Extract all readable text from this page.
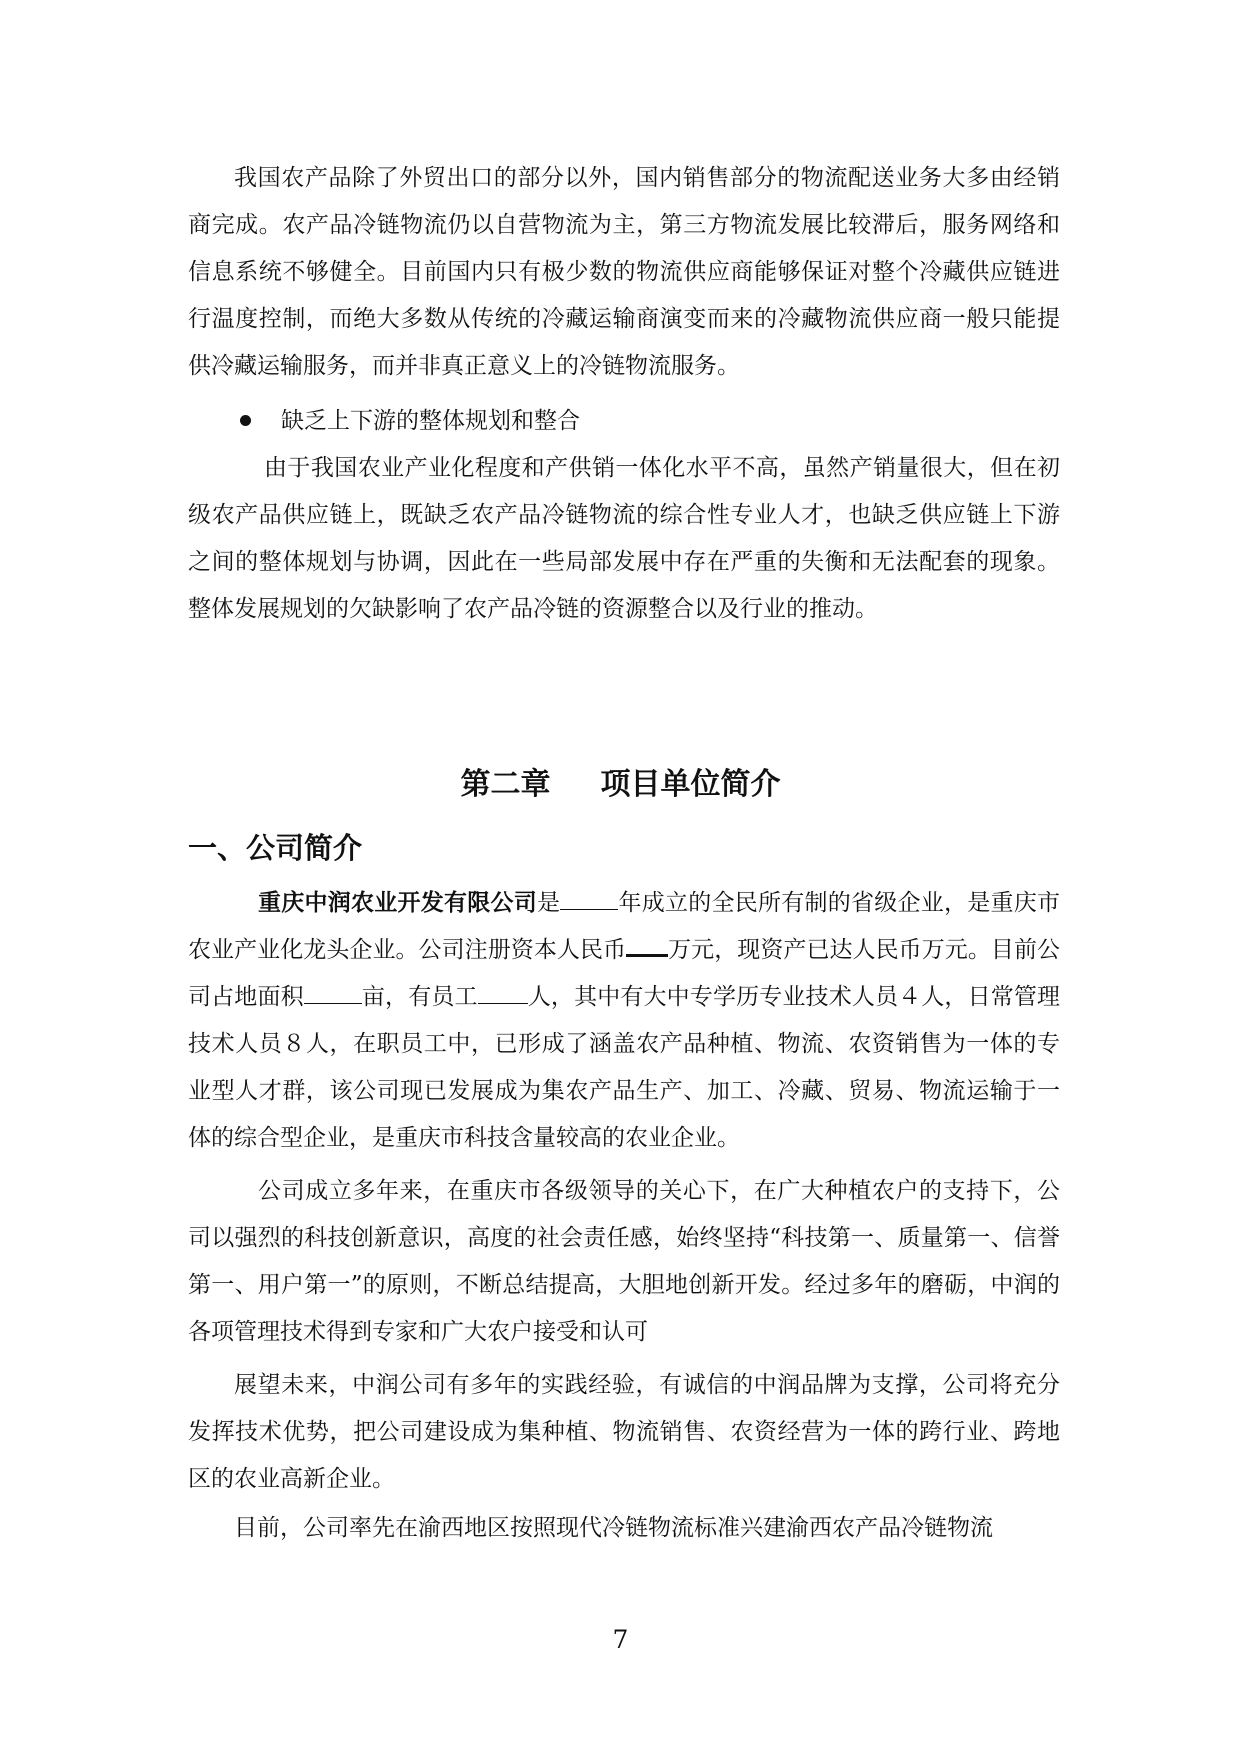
我国农产品除了外贸出口的部分以外，国内销售部分的物流配送业务大多由经销商完成。农产品冷链物流仍以自营物流为主，第三方物流发展比较滞后，服务网络和信息系统不够健全。目前国内只有极少数的物流供应商能够保证对整个冷藏供应链进行温度控制，而绝大多数从传统的冷藏运输商演变而来的冷藏物流供应商一般只能提供冷藏运输服务，而并非真正意义上的冷链物流服务。

缺乏上下游的整体规划和整合

由于我国农业产业化程度和产供销一体化水平不高，虽然产销量很大，但在初级农产品供应链上，既缺乏农产品冷链物流的综合性专业人才，也缺乏供应链上下游之间的整体规划与协调，因此在一些局部发展中存在严重的失衡和无法配套的现象。整体发展规划的欠缺影响了农产品冷链的资源整合以及行业的推动。

第二章 项目单位简介
一、公司简介

重庆中润农业开发有限公司是	年成立的全民所有制的省级企业，是重庆市农业产业化龙头企业。公司注册资本人民币 万元，现资产已达人民币万元。目前公司占地面积	亩，有员工 人，其中有大中专学历专业技术人员４人，日常管理技术人员８人，在职员工中，已形成了涵盖农产品种植、物流、农资销售为一体的专业型人才群，该公司现已发展成为集农产品生产、加工、冷藏、贸易、物流运输于一体的综合型企业，是重庆市科技含量较高的农业企业。

公司成立多年来，在重庆市各级领导的关心下，在广大种植农户的支持下，公司以强烈的科技创新意识，高度的社会责任感，始终坚持“科技第一、质量第一、信誉第一、用户第一”的原则，不断总结提高，大胆地创新开发。经过多年的磨砺，中润的各项管理技术得到专家和广大农户接受和认可

展望未来，中润公司有多年的实践经验，有诚信的中润品牌为支撑，公司将充分发挥技术优势，把公司建设成为集种植、物流销售、农资经营为一体的跨行业、跨地区的农业高新企业。

目前，公司率先在渝西地区按照现代冷链物流标准兴建渝西农产品冷链物流

7
